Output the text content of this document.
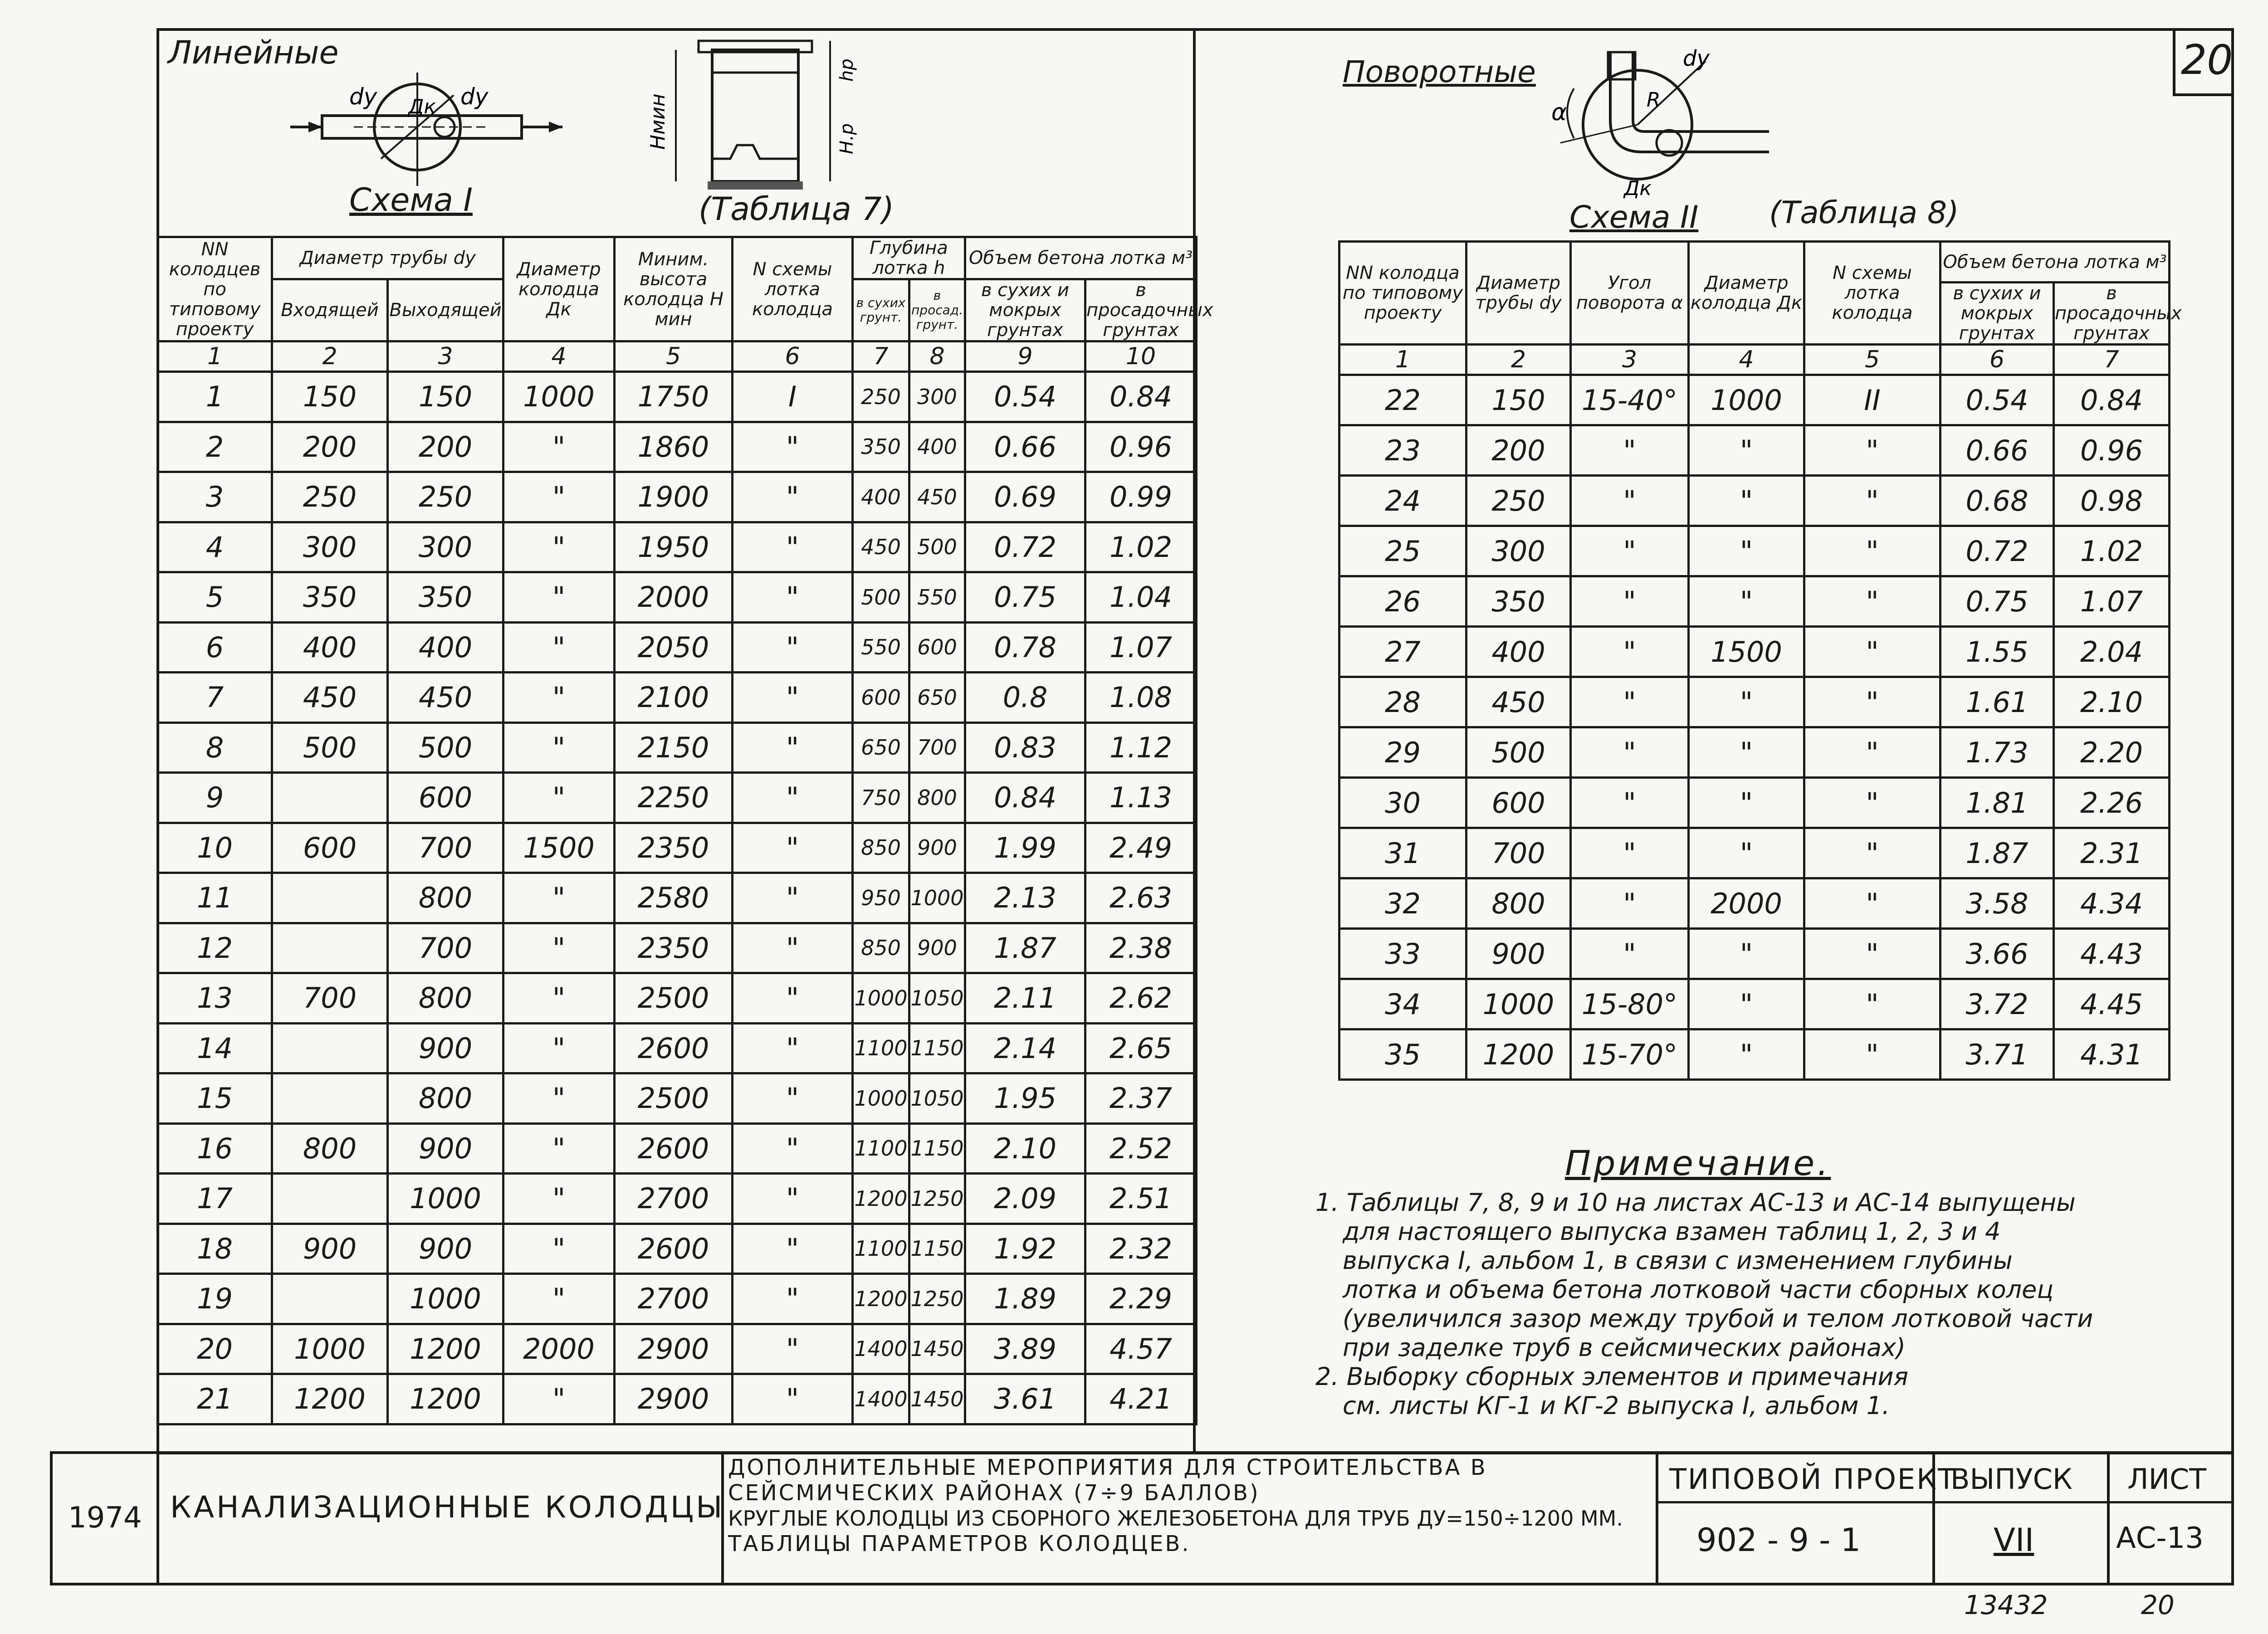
20
Линейные
dy	dy
Дк	Hмин
hр
H.р
Схема I	(Таблица 7)
NN колодцев по типовому проекту	Диаметр трубы dy		Диаметр колодца Дк	Миним. высота колодца Н мин	N схемы лотка колодца	Глубина лотка h		Объем бетона лотка м³	
	Входящей	Выходящей				в сухих грунт.	в просад. грунт.	в сухих и мокрых грунтах	в просадочных грунтах
1	2	3	4	5	6	7	8	9	10
1	150	150	1000	1750	I	250	300	0.54	0.84
2	200	200	"	1860	"	350	400	0.66	0.96
3	250	250	"	1900	"	400	450	0.69	0.99
4	300	300	"	1950	"	450	500	0.72	1.02
5	350	350	"	2000	"	500	550	0.75	1.04
6	400	400	"	2050	"	550	600	0.78	1.07
7	450	450	"	2100	"	600	650	0.8	1.08
8	500	500	"	2150	"	650	700	0.83	1.12
9		600	"	2250	"	750	800	0.84	1.13
10	600	700	1500	2350	"	850	900	1.99	2.49
11		800	"	2580	"	950	1000	2.13	2.63
12		700	"	2350	"	850	900	1.87	2.38
13	700	800	"	2500	"	1000	1050	2.11	2.62
14		900	"	2600	"	1100	1150	2.14	2.65
15		800	"	2500	"	1000	1050	1.95	2.37
16	800	900	"	2600	"	1100	1150	2.10	2.52
17		1000	"	2700	"	1200	1250	2.09	2.51
18	900	900	"	2600	"	1100	1150	1.92	2.32
19		1000	"	2700	"	1200	1250	1.89	2.29
20	1000	1200	2000	2900	"	1400	1450	3.89	4.57
21	1200	1200	"	2900	"	1400	1450	3.61	4.21
Поворотные	dy
α	R
Дк
Схема II (Таблица 8)
NN колодца по типовому проекту	Диаметр трубы dy	Угол поворота α	Диаметр колодца Дк	N схемы лотка колодца	Объем бетона лотка м³	
					в сухих и мокрых грунтах	в просадочных грунтах
1	2	3	4	5	6	7
22	150	15-40°	1000	II	0.54	0.84
23	200	"	"	"	0.66	0.96
24	250	"	"	"	0.68	0.98
25	300	"	"	"	0.72	1.02
26	350	"	"	"	0.75	1.07
27	400	"	1500	"	1.55	2.04
28	450	"	"	"	1.61	2.10
29	500	"	"	"	1.73	2.20
30	600	"	"	"	1.81	2.26
31	700	"	"	"	1.87	2.31
32	800	"	2000	"	3.58	4.34
33	900	"	"	"	3.66	4.43
34	1000	15-80°	"	"	3.72	4.45
35	1200	15-70°	"	"	3.71	4.31
Примечание.
1. Таблицы 7, 8, 9 и 10 на листах АС-13 и АС-14 выпущены
для настоящего выпуска взамен таблиц 1, 2, 3 и 4
выпуска I, альбом 1, в связи с изменением глубины
лотка и объема бетона лотковой части сборных колец
(увеличился зазор между трубой и телом лотковой части
при заделке труб в сейсмических районах)
2. Выборку сборных элементов и примечания
см. листы КГ-1 и КГ-2 выпуска I, альбом 1.
1974 КАНАЛИЗАЦИОННЫЕ КОЛОДЦЫ
ДОПОЛНИТЕЛЬНЫЕ МЕРОПРИЯТИЯ ДЛЯ СТРОИТЕЛЬСТВА В
СЕЙСМИЧЕСКИХ РАЙОНАХ (7÷9 БАЛЛОВ)
КРУГЛЫЕ КОЛОДЦЫ ИЗ СБОРНОГО ЖЕЛЕЗОБЕТОНА ДЛЯ ТРУБ ДУ=150÷1200 ММ.
ТАБЛИЦЫ ПАРАМЕТРОВ КОЛОДЦЕВ.
ТИПОВОЙ ПРОЕКТ
902 - 9 - 1
ВЫПУСК
VII
ЛИСТ
АС-13
13432	20
